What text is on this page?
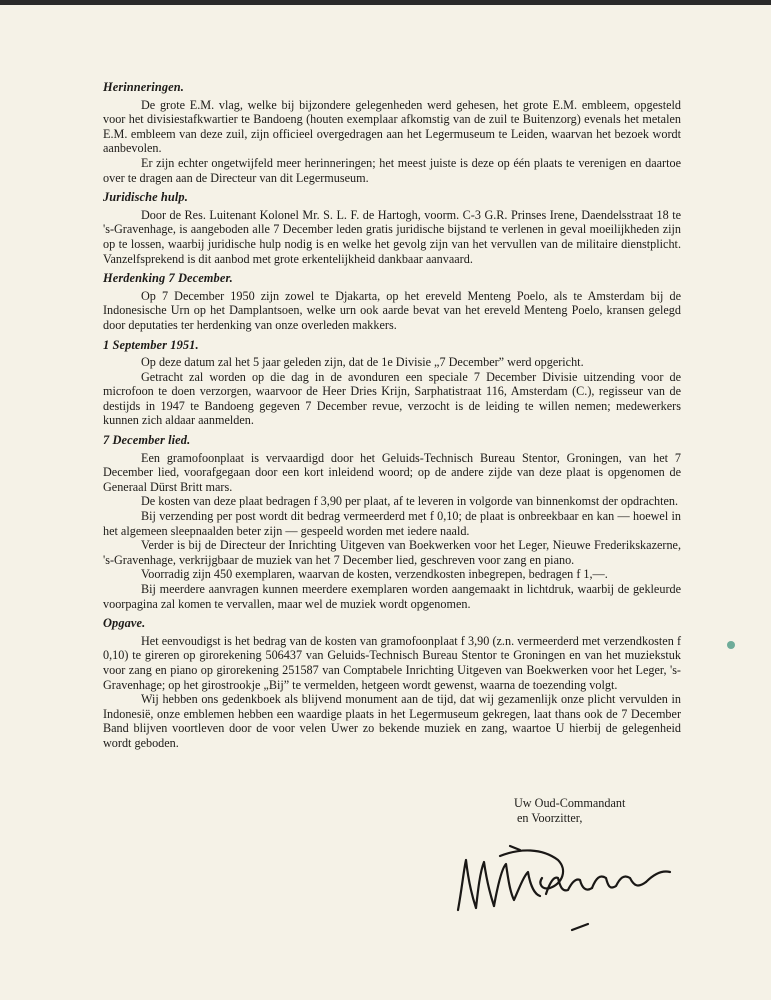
Herinneringen.

De grote E.M. vlag, welke bij bijzondere gelegenheden werd gehesen, het grote E.M. embleem, opgesteld voor het divisiestafkwartier te Bandoeng (houten exemplaar afkomstig van de zuil te Buitenzorg) evenals het metalen E.M. embleem van deze zuil, zijn officieel overgedragen aan het Legermuseum te Leiden, waarvan het bezoek wordt aanbevolen.

Er zijn echter ongetwijfeld meer herinneringen; het meest juiste is deze op één plaats te verenigen en daartoe over te dragen aan de Directeur van dit Legermuseum.

Juridische hulp.

Door de Res. Luitenant Kolonel Mr. S. L. F. de Hartogh, voorm. C-3 G.R. Prinses Irene, Daendelsstraat 18 te 's-Gravenhage, is aangeboden alle 7 December leden gratis juridische bijstand te verlenen in geval moeilijkheden zijn op te lossen, waarbij juridische hulp nodig is en welke het gevolg zijn van het vervullen van de militaire dienstplicht. Vanzelfsprekend is dit aanbod met grote erkentelijkheid dankbaar aanvaard.

Herdenking 7 December.

Op 7 December 1950 zijn zowel te Djakarta, op het ereveld Menteng Poelo, als te Amsterdam bij de Indonesische Urn op het Damplantsoen, welke urn ook aarde bevat van het ereveld Menteng Poelo, kransen gelegd door deputaties ter herdenking van onze overleden makkers.

1 September 1951.

Op deze datum zal het 5 jaar geleden zijn, dat de 1e Divisie „7 December” werd opgericht.

Getracht zal worden op die dag in de avonduren een speciale 7 December Divisie uitzending voor de microfoon te doen verzorgen, waarvoor de Heer Dries Krijn, Sarphatistraat 116, Amsterdam (C.), regisseur van de destijds in 1947 te Bandoeng gegeven 7 December revue, verzocht is de leiding te willen nemen; medewerkers kunnen zich aldaar aanmelden.

7 December lied.

Een gramofoonplaat is vervaardigd door het Geluids-Technisch Bureau Stentor, Groningen, van het 7 December lied, voorafgegaan door een kort inleidend woord; op de andere zijde van deze plaat is opgenomen de Generaal Dürst Britt mars.

De kosten van deze plaat bedragen f 3,90 per plaat, af te leveren in volgorde van binnenkomst der opdrachten.

Bij verzending per post wordt dit bedrag vermeerderd met f 0,10; de plaat is onbreekbaar en kan — hoewel in het algemeen sleepnaalden beter zijn — gespeeld worden met iedere naald.

Verder is bij de Directeur der Inrichting Uitgeven van Boekwerken voor het Leger, Nieuwe Frederikskazerne, 's-Gravenhage, verkrijgbaar de muziek van het 7 December lied, geschreven voor zang en piano.

Voorradig zijn 450 exemplaren, waarvan de kosten, verzendkosten inbegrepen, bedragen f 1,—.

Bij meerdere aanvragen kunnen meerdere exemplaren worden aangemaakt in lichtdruk, waarbij de gekleurde voorpagina zal komen te vervallen, maar wel de muziek wordt opgenomen.

Opgave.

Het eenvoudigst is het bedrag van de kosten van gramofoonplaat f 3,90 (z.n. vermeerderd met verzendkosten f 0,10) te gireren op girorekening 506437 van Geluids-Technisch Bureau Stentor te Groningen en van het muziekstuk voor zang en piano op girorekening 251587 van Comptabele Inrichting Uitgeven van Boekwerken voor het Leger, 's-Gravenhage; op het girostrookje „Bij” te vermelden, hetgeen wordt gewenst, waarna de toezending volgt.

Wij hebben ons gedenkboek als blijvend monument aan de tijd, dat wij gezamenlijk onze plicht vervulden in Indonesië, onze emblemen hebben een waardige plaats in het Legermuseum gekregen, laat thans ook de 7 December Band blijven voortleven door de voor velen Uwer zo bekende muziek en zang, waartoe U hierbij de gelegenheid wordt geboden.

Uw Oud-Commandant
en Voorzitter,
